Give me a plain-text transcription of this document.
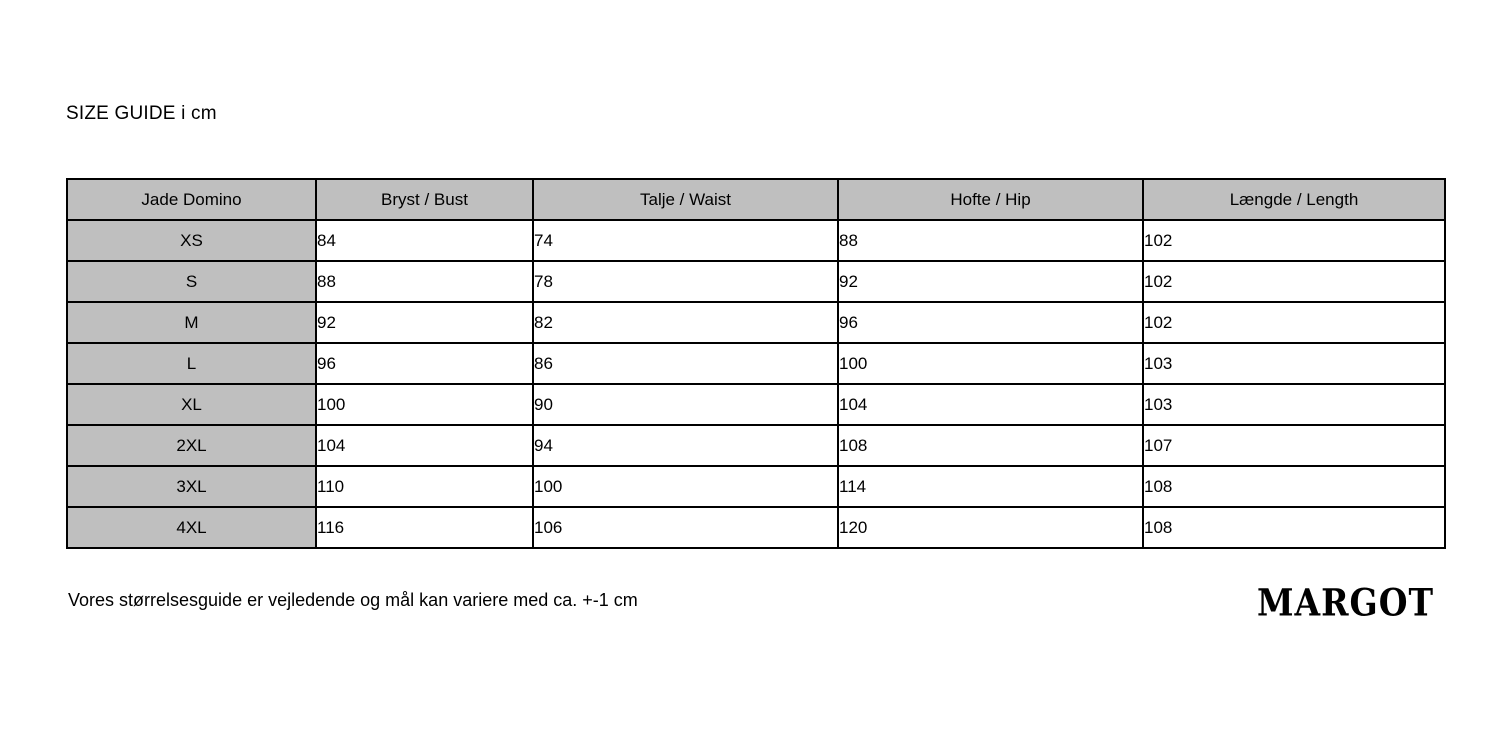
SIZE GUIDE i cm
Jade Domino	Bryst / Bust	Talje / Waist	Hofte / Hip	Længde / Length
XS	84	74	88	102
S	88	78	92	102
M	92	82	96	102
L	96	86	100	103
XL	100	90	104	103
2XL	104	94	108	107
3XL	110	100	114	108
4XL	116	106	120	108
Vores størrelsesguide er vejledende og mål kan variere med ca. +-1 cm	MARGOT
